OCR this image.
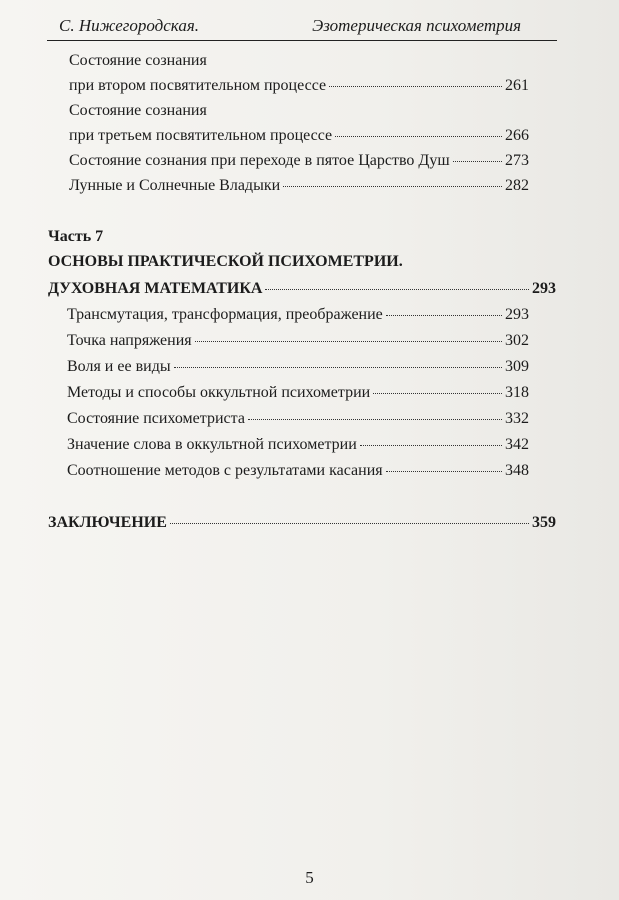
С. Нижегородская.	Эзотерическая психометрия
Состояние сознания
при втором посвятительном процессе	261
Состояние сознания
при третьем посвятительном процессе	266
Состояние сознания при переходе в пятое Царство Душ	273
Лунные и Солнечные Владыки	282
Часть 7
ОСНОВЫ ПРАКТИЧЕСКОЙ ПСИХОМЕТРИИ.
ДУХОВНАЯ МАТЕМАТИКА	293
Трансмутация, трансформация, преображение	293
Точка напряжения	302
Воля и ее виды	309
Методы и способы оккультной психометрии	318
Состояние психометриста	332
Значение слова в оккультной психометрии	342
Соотношение методов с результатами касания	348
ЗАКЛЮЧЕНИЕ	359
5
